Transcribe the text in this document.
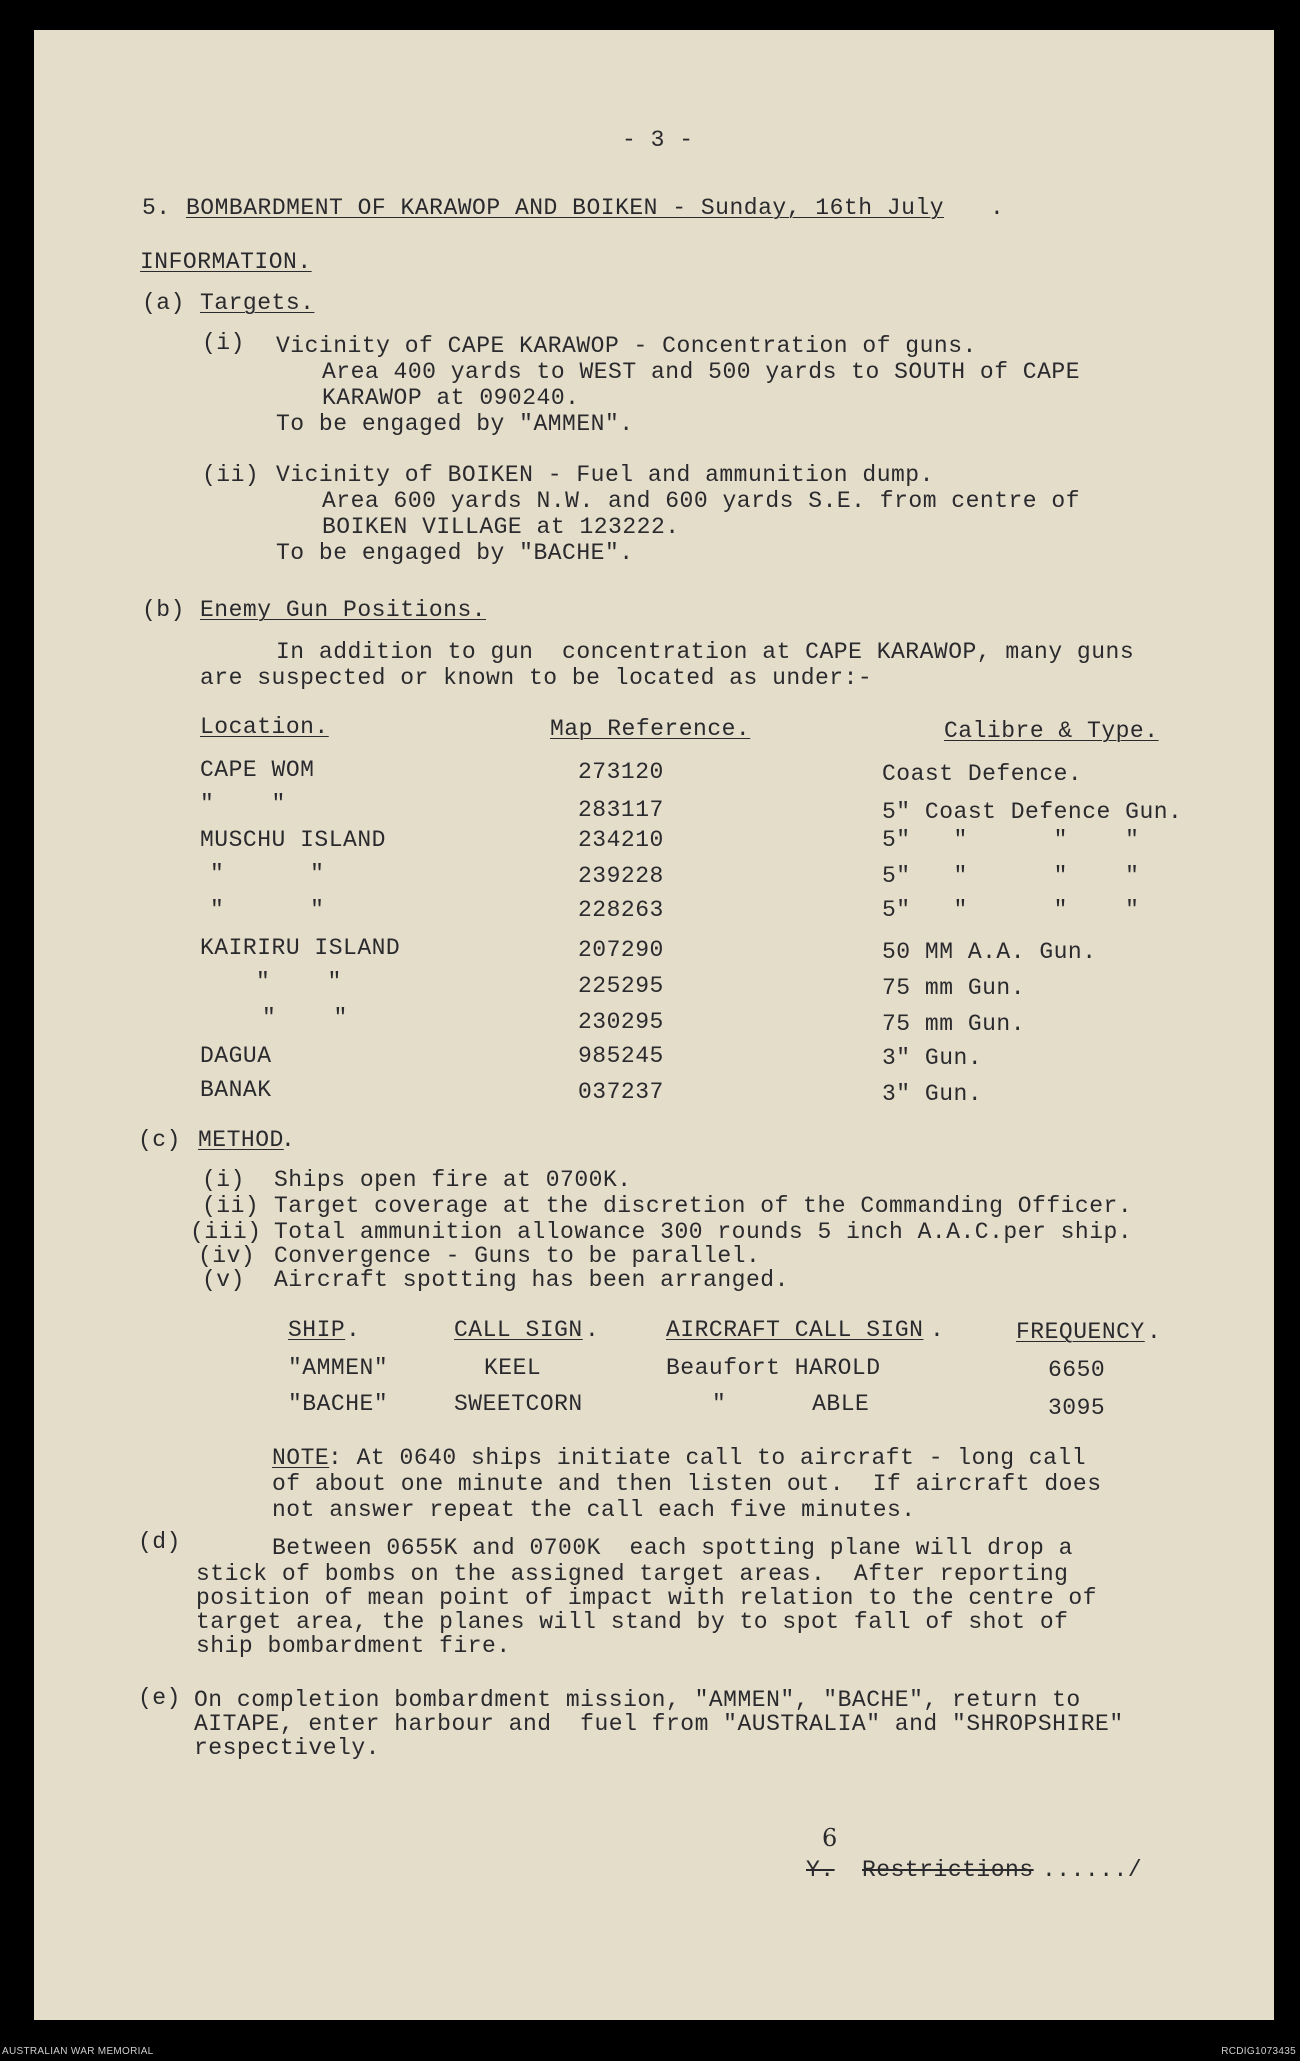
- 3 -
5. BOMBARDMENT OF KARAWOP AND BOIKEN - Sunday, 16th July .
INFORMATION.
(a) Targets.
(i) Vicinity of CAPE KARAWOP - Concentration of guns.
Area 400 yards to WEST and 500 yards to SOUTH of CAPE
KARAWOP at 090240.
To be engaged by "AMMEN".
(ii) Vicinity of BOIKEN - Fuel and ammunition dump.
Area 600 yards N.W. and 600 yards S.E. from centre of
BOIKEN VILLAGE at 123222.
To be engaged by "BACHE".
(b) Enemy Gun Positions.
In addition to gun  concentration at CAPE KARAWOP, many guns
are suspected or known to be located as under:-
Location.	Map Reference.	Calibre & Type.
CAPE WOM	273120	Coast Defence.
"    "	283117	5" Coast Defence Gun.
MUSCHU ISLAND	234210	5"   "      "    "
"      "	239228	5"   "      "    "
"      "	228263	5"   "      "    "
KAIRIRU ISLAND	207290	50 MM A.A. Gun.
"    "	225295	75 mm Gun.
"    "	230295	75 mm Gun.
DAGUA	985245	3" Gun.
BANAK	037237	3" Gun.
(c) METHOD
.
(i) Ships open fire at 0700K.
(ii) Target coverage at the discretion of the Commanding Officer.
(iii) Total ammunition allowance 300 rounds 5 inch A.A.C.per ship.
(iv) Convergence - Guns to be parallel.
(v) Aircraft spotting has been arranged.
SHIP .	CALL SIGN .	AIRCRAFT CALL SIGN .	FREQUENCY .
"AMMEN"	KEEL	Beaufort HAROLD	6650
"BACHE"	SWEETCORN	"      ABLE	3095
NOTE
: At 0640 ships initiate call to aircraft - long call
of about one minute and then listen out.  If aircraft does
not answer repeat the call each five minutes.
(d)	Between 0655K and 0700K  each spotting plane will drop a
stick of bombs on the assigned target areas.  After reporting
position of mean point of impact with relation to the centre of
target area, the planes will stand by to spot fall of shot of
ship bombardment fire.
(e) On completion bombardment mission, "AMMEN", "BACHE", return to
AITAPE, enter harbour and  fuel from "AUSTRALIA" and "SHROPSHIRE"
respectively.
6
Y. Restrictions ....../
AUSTRALIAN WAR MEMORIAL	RCDIG1073435
